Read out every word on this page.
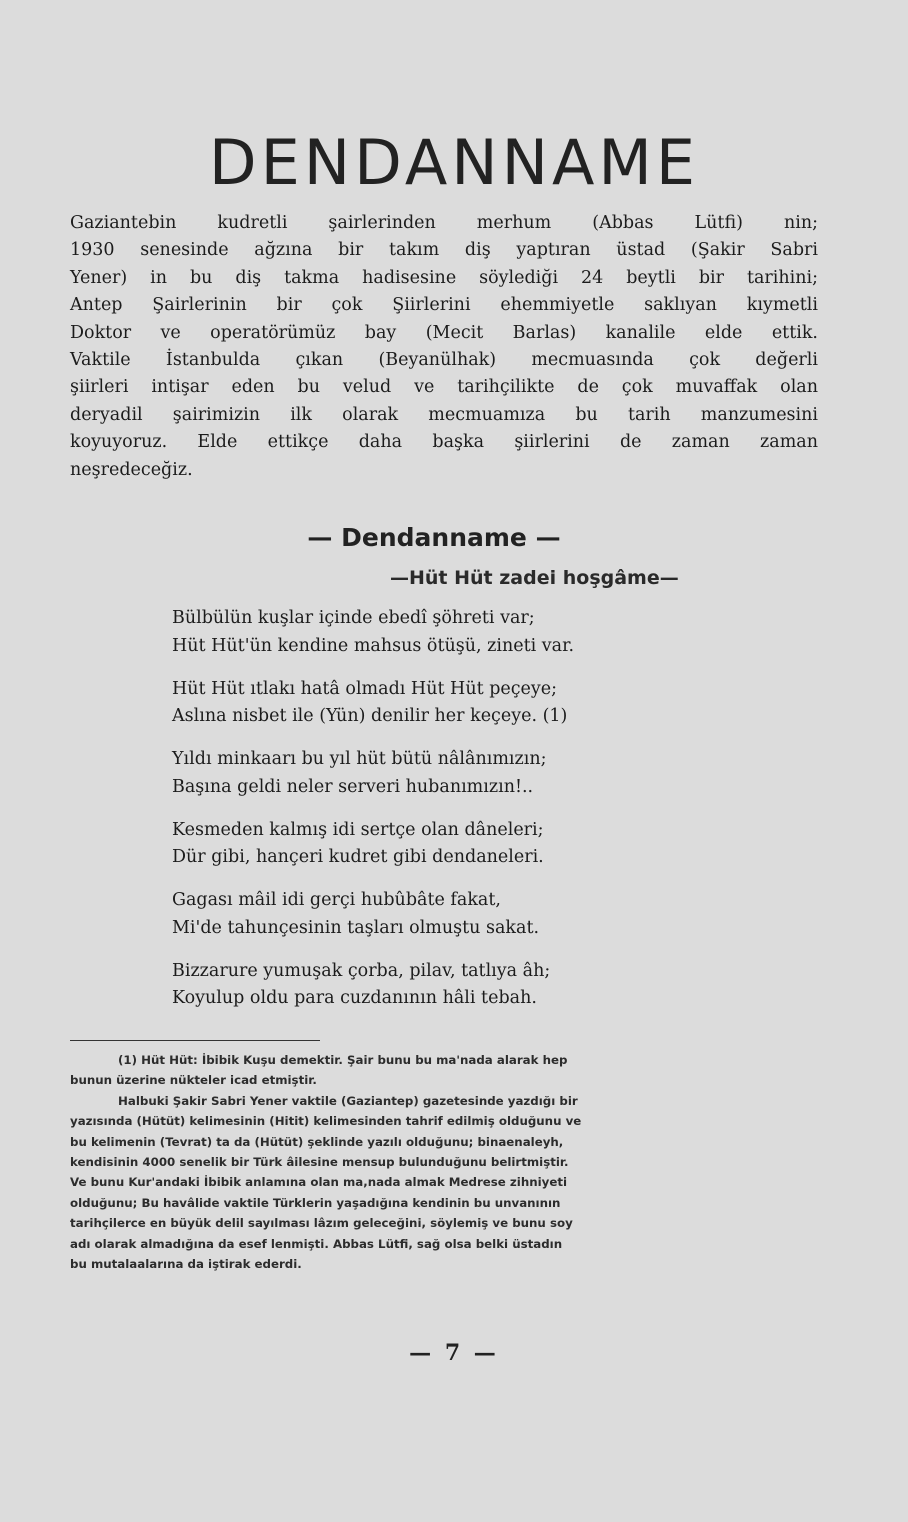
DENDANNAME
Gaziantebin kudretli şairlerinden merhum (Abbas Lütfi) nin;
1930 senesinde ağzına bir takım diş yaptıran üstad (Şakir Sabri
Yener) in bu diş takma hadisesine söylediği 24 beytli bir tarihini;
Antep Şairlerinin bir çok Şiirlerini ehemmiyetle saklıyan kıymetli
Doktor ve operatörümüz bay (Mecit Barlas) kanalile elde ettik.
Vaktile İstanbulda çıkan (Beyanülhak) mecmuasında çok değerli
şiirleri intişar eden bu velud ve tarihçilikte de çok muvaffak olan
deryadil şairimizin ilk olarak mecmuamıza bu tarih manzumesini
koyuyoruz. Elde ettikçe daha başka şiirlerini de zaman zaman
neşredeceğiz.
— Dendanname —
—Hüt Hüt zadei hoşgâme—
Bülbülün kuşlar içinde ebedî şöhreti var;
Hüt Hüt'ün kendine mahsus ötüşü, zineti var.
Hüt Hüt ıtlakı hatâ olmadı Hüt Hüt peçeye;
Aslına nisbet ile (Yün) denilir her keçeye. (1)
Yıldı minkaarı bu yıl hüt bütü nâlânımızın;
Başına geldi neler serveri hubanımızın!..
Kesmeden kalmış idi sertçe olan dâneleri;
Dür gibi, hançeri kudret gibi dendaneleri.
Gagası mâil idi gerçi hubûbâte fakat,
Mi'de tahunçesinin taşları olmuştu sakat.
Bizzarure yumuşak çorba, pilav, tatlıya âh;
Koyulup oldu para cuzdanının hâli tebah.
(1) Hüt Hüt: İbibik Kuşu demektir. Şair bunu bu ma'nada alarak hep
bunun üzerine nükteler icad etmiştir.
Halbuki Şakir Sabri Yener vaktile (Gaziantep) gazetesinde yazdığı bir
yazısında (Hütüt) kelimesinin (Hitit) kelimesinden tahrif edilmiş olduğunu ve
bu kelimenin (Tevrat) ta da (Hütüt) şeklinde yazılı olduğunu; binaenaleyh,
kendisinin 4000 senelik bir Türk âilesine mensup bulunduğunu belirtmiştir.
Ve bunu Kur'andaki İbibik anlamına olan ma,nada almak Medrese zihniyeti
olduğunu; Bu havâlide vaktile Türklerin yaşadığına kendinin bu unvanının
tarihçilerce en büyük delil sayılması lâzım geleceğini, söylemiş ve bunu soy
adı olarak almadığına da esef lenmişti. Abbas Lütfi, sağ olsa belki üstadın
bu mutalaalarına da iştirak ederdi.
— 7 —
